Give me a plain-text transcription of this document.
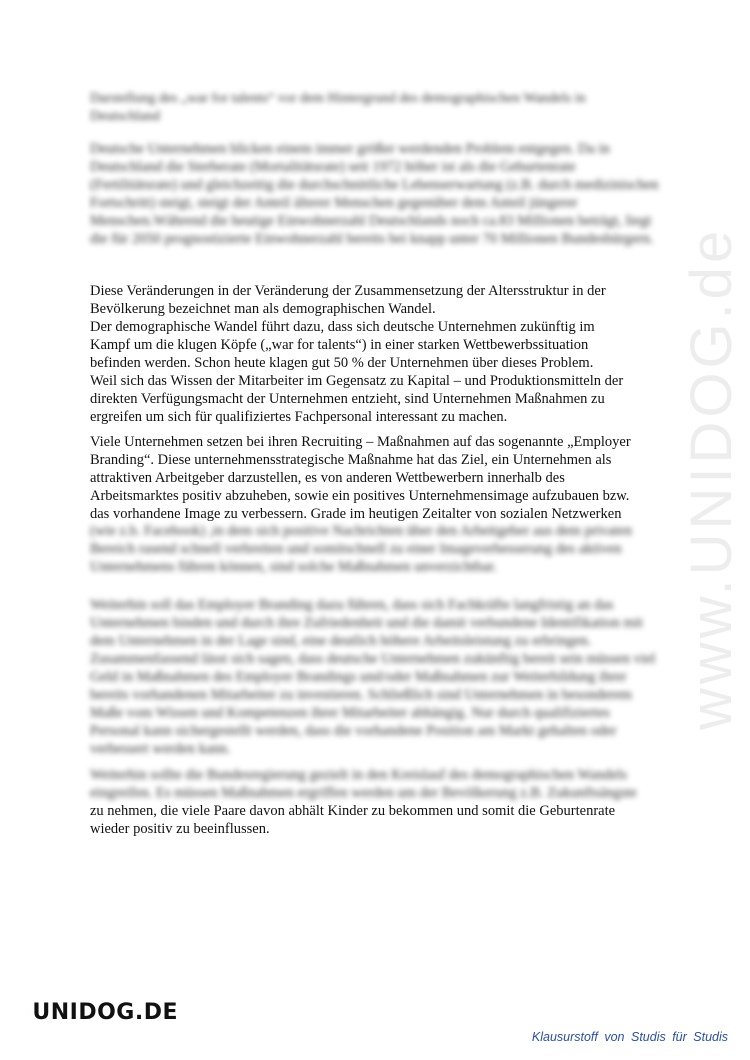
www.UNIDOG.de
Darstellung des „war for talents“ vor dem Hintergrund des demographischen Wandels in Deutschland
Deutsche Unternehmen blicken einem immer größer werdenden Problem entgegen. Da in Deutschland die Sterberate (Mortalitätsrate) seit 1972 höher ist als die Geburtenrate (Fertilitätsrate) und gleichzeitig die durchschnittliche Lebenserwartung (z.B. durch medizinischen Fortschritt) steigt, steigt der Anteil älterer Menschen gegenüber dem Anteil jüngerer Menschen.Während die heutige Einwohnerzahl Deutschlands noch ca.83 Millionen beträgt, liegt die für 2050 prognostizierte Einwohnerzahl bereits bei knapp unter 70 Millionen Bundesbürgern.

Diese Veränderungen in der Veränderung der Zusammensetzung der Altersstruktur in der

Bevölkerung bezeichnet man als demographischen Wandel.

Der demographische Wandel führt dazu, dass sich deutsche Unternehmen zukünftig im

Kampf um die klugen Köpfe („war for talents“) in einer starken Wettbewerbssituation

befinden werden. Schon heute klagen gut 50 % der Unternehmen über dieses Problem.

Weil sich das Wissen der Mitarbeiter im Gegensatz zu Kapital – und Produktionsmitteln der

direkten Verfügungsmacht der Unternehmen entzieht, sind Unternehmen Maßnahmen zu

ergreifen um sich für qualifiziertes Fachpersonal interessant zu machen.

Viele Unternehmen setzen bei ihren Recruiting – Maßnahmen auf das sogenannte „Employer

Branding“. Diese unternehmensstrategische Maßnahme hat das Ziel, ein Unternehmen als

attraktiven Arbeitgeber darzustellen, es von anderen Wettbewerbern innerhalb des

Arbeitsmarktes positiv abzuheben, sowie ein positives Unternehmensimage aufzubauen bzw.

das vorhandene Image zu verbessern. Grade im heutigen Zeitalter von sozialen Netzwerken

(wie z.b. Facebook) ,in dem sich positive Nachrichten über den Arbeitgeber aus dem privaten Bereich rasend schnell verbreiten und somitschnell zu einer Imageverbesserung des aktiven Unternehmens führen können, sind solche Maßnahmen unverzichtbar.
Weiterhin soll das Employer Branding dazu führen, dass sich Fachkräfte langfristig an das Unternehmen binden und durch ihre Zufriedenheit und die damit verbundene Identifikation mit dem Unternehmen in der Lage sind, eine deutlich höhere Arbeitsleistung zu erbringen. Zusammenfassend lässt sich sagen, dass deutsche Unternehmen zukünftig bereit sein müssen viel Geld in Maßnahmen des Employer Brandings und/oder Maßnahmen zur Weiterbildung ihrer bereits vorhandenen Mitarbeiter zu investieren. Schließlich sind Unternehmen in besonderem Maße vom Wissen und Kompetenzen ihrer Mitarbeiter abhängig. Nur durch qualifiziertes Personal kann sichergestellt werden, dass die vorhandene Position am Markt gehalten oder verbessert werden kann.
Weiterhin sollte die Bundesregierung gezielt in den Kreislauf des demographischen Wandels eingreifen. Es müssen Maßnahmen ergriffen werden um der Bevölkerung z.B. Zukunftsängste

zu nehmen, die viele Paare davon abhält Kinder zu bekommen und somit die Geburtenrate

wieder positiv zu beeinflussen.

UNIDOG.DE
Klausurstoff von Studis für Studis
